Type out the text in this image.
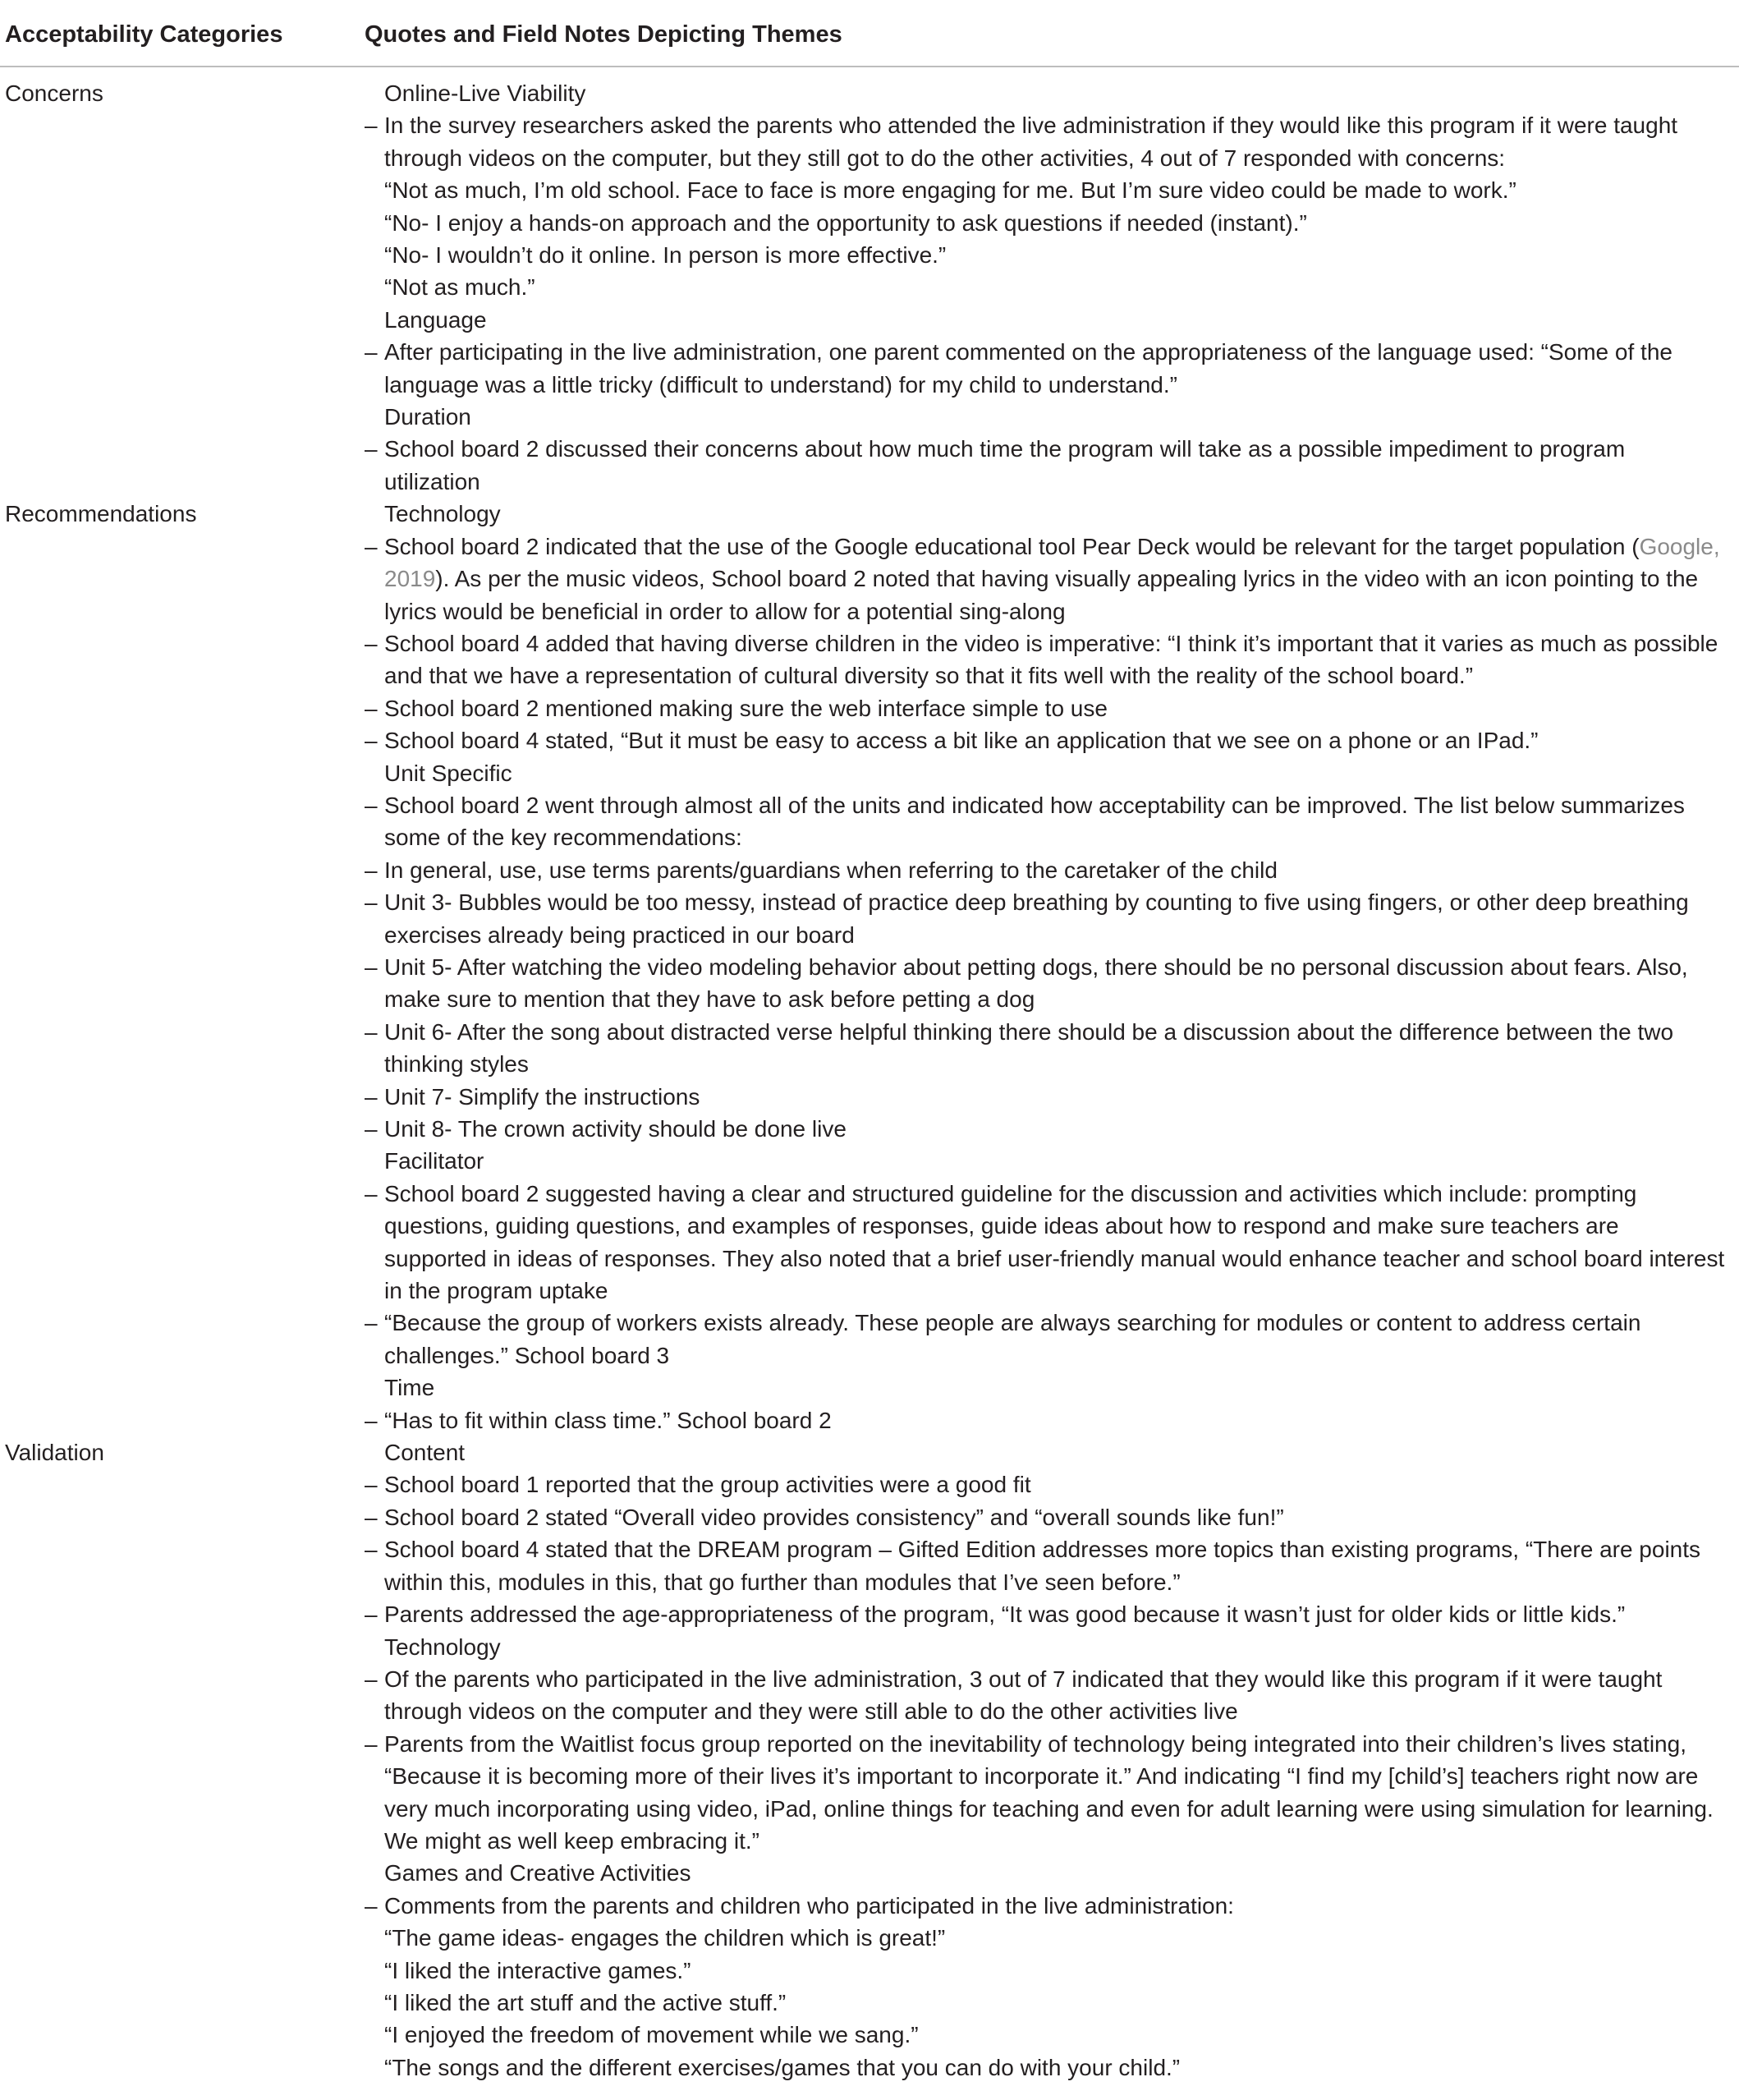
Acceptability Categories	Quotes and Field Notes Depicting Themes
Concerns	Online-Live Viability
– In the survey researchers asked the parents who attended the live administration if they would like this program if it were taught
through videos on the computer, but they still got to do the other activities, 4 out of 7 responded with concerns:
“Not as much, I’m old school. Face to face is more engaging for me. But I’m sure video could be made to work.”
“No- I enjoy a hands-on approach and the opportunity to ask questions if needed (instant).”
“No- I wouldn’t do it online. In person is more effective.”
“Not as much.”
Language
– After participating in the live administration, one parent commented on the appropriateness of the language used: “Some of the
language was a little tricky (difficult to understand) for my child to understand.”
Duration
– School board 2 discussed their concerns about how much time the program will take as a possible impediment to program
utilization
Recommendations	Technology
– School board 2 indicated that the use of the Google educational tool Pear Deck would be relevant for the target population (Google,
2019). As per the music videos, School board 2 noted that having visually appealing lyrics in the video with an icon pointing to the
lyrics would be beneficial in order to allow for a potential sing-along
– School board 4 added that having diverse children in the video is imperative: “I think it’s important that it varies as much as possible
and that we have a representation of cultural diversity so that it fits well with the reality of the school board.”
– School board 2 mentioned making sure the web interface simple to use
– School board 4 stated, “But it must be easy to access a bit like an application that we see on a phone or an IPad.”
Unit Specific
– School board 2 went through almost all of the units and indicated how acceptability can be improved. The list below summarizes
some of the key recommendations:
– In general, use, use terms parents/guardians when referring to the caretaker of the child
– Unit 3- Bubbles would be too messy, instead of practice deep breathing by counting to five using fingers, or other deep breathing
exercises already being practiced in our board
– Unit 5- After watching the video modeling behavior about petting dogs, there should be no personal discussion about fears. Also,
make sure to mention that they have to ask before petting a dog
– Unit 6- After the song about distracted verse helpful thinking there should be a discussion about the difference between the two
thinking styles
– Unit 7- Simplify the instructions
– Unit 8- The crown activity should be done live
Facilitator
– School board 2 suggested having a clear and structured guideline for the discussion and activities which include: prompting
questions, guiding questions, and examples of responses, guide ideas about how to respond and make sure teachers are
supported in ideas of responses. They also noted that a brief user-friendly manual would enhance teacher and school board interest
in the program uptake
– “Because the group of workers exists already. These people are always searching for modules or content to address certain
challenges.” School board 3
Time
– “Has to fit within class time.” School board 2
Validation	Content
– School board 1 reported that the group activities were a good fit
– School board 2 stated “Overall video provides consistency” and “overall sounds like fun!”
– School board 4 stated that the DREAM program – Gifted Edition addresses more topics than existing programs, “There are points
within this, modules in this, that go further than modules that I’ve seen before.”
– Parents addressed the age-appropriateness of the program, “It was good because it wasn’t just for older kids or little kids.”
Technology
– Of the parents who participated in the live administration, 3 out of 7 indicated that they would like this program if it were taught
through videos on the computer and they were still able to do the other activities live
– Parents from the Waitlist focus group reported on the inevitability of technology being integrated into their children’s lives stating,
“Because it is becoming more of their lives it’s important to incorporate it.” And indicating “I find my [child’s] teachers right now are
very much incorporating using video, iPad, online things for teaching and even for adult learning were using simulation for learning.
We might as well keep embracing it.”
Games and Creative Activities
– Comments from the parents and children who participated in the live administration:
“The game ideas- engages the children which is great!”
“I liked the interactive games.”
“I liked the art stuff and the active stuff.”
“I enjoyed the freedom of movement while we sang.”
“The songs and the different exercises/games that you can do with your child.”
